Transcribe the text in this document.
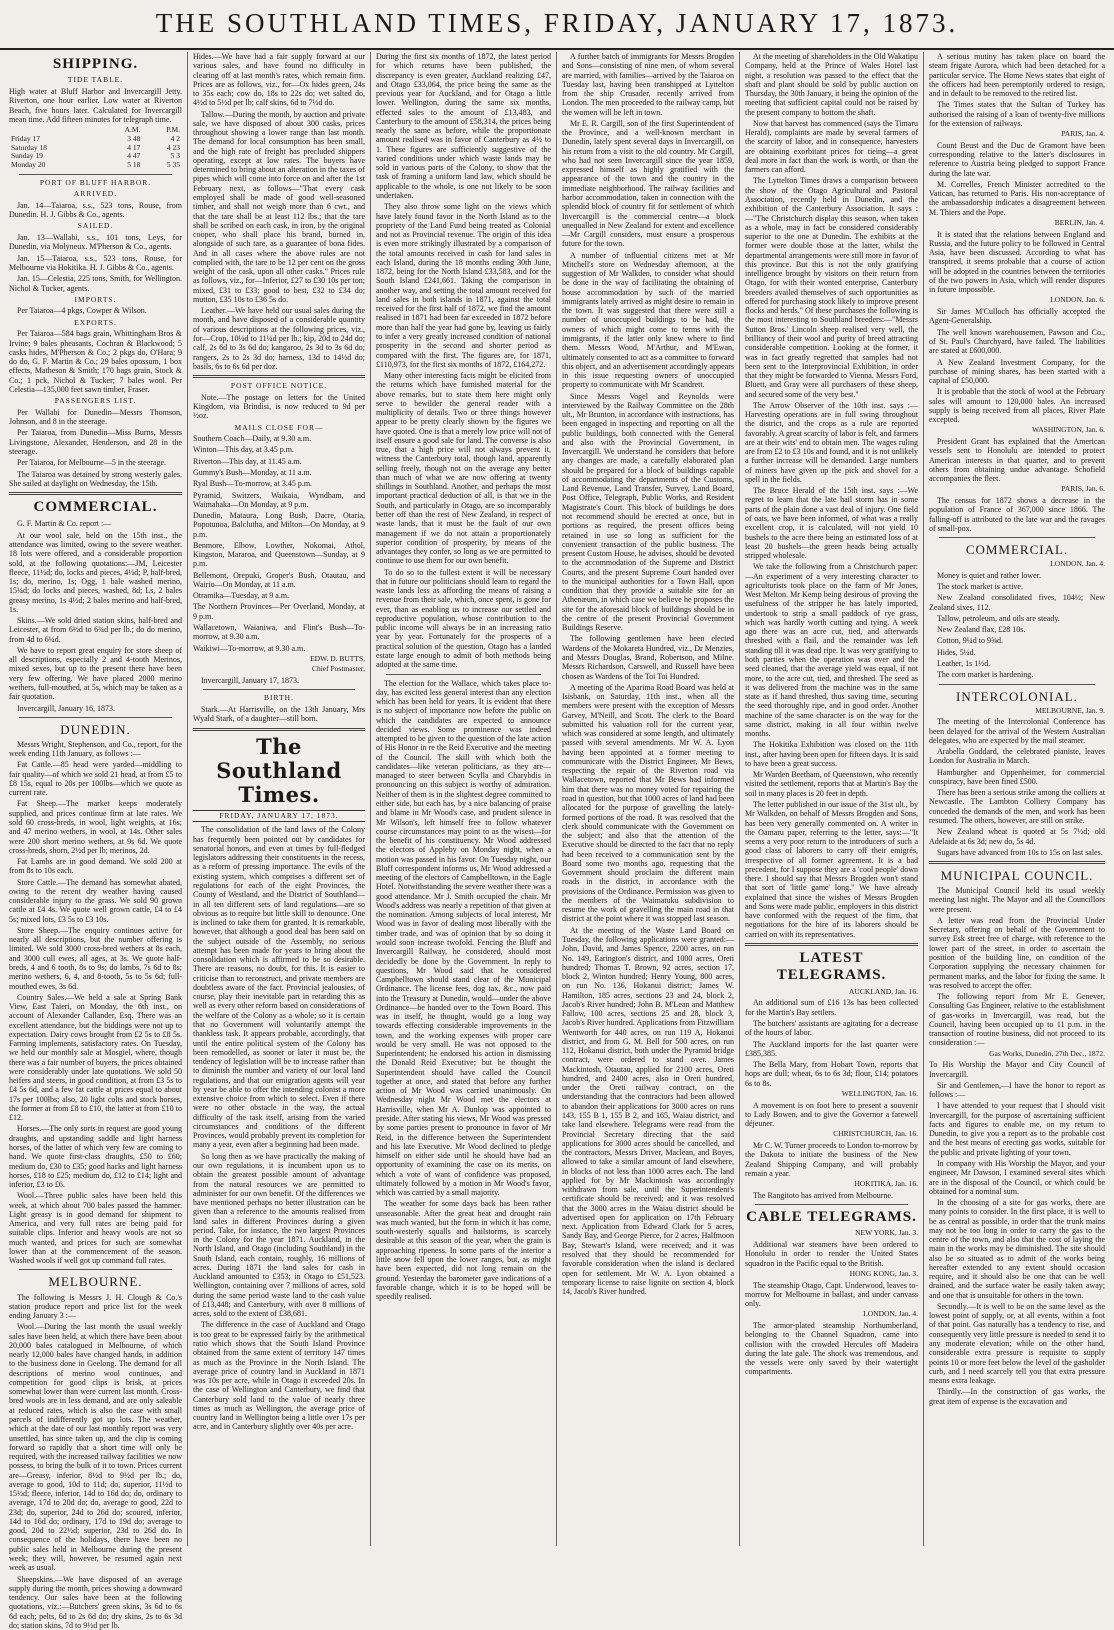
THE SOUTHLAND TIMES, FRIDAY, JANUARY 17, 1873.
SHIPPING.
TIDE TABLE.

High water at Bluff Harbor and Invercargill Jetty. Riverton, one hour earlier. Low water at Riverton Beach, five hours later. Calculated for Invercargill mean time. Add fifteen minutes for telegraph time.

	A.M.	P.M.
Friday 17	3 48	4 2
Saturday 18	4 17	4 23
Sunday 19	4 47	5 3
Monday 20	5 18	5 35
PORT OF BLUFF HARBOR.
ARRIVED.

Jan. 14—Taiaroa, s.s., 523 tons, Rouse, from Dunedin. H. J. Gibbs & Co., agents.

SAILED.

Jan. 13—Wallabi, s.s., 101 tons, Leys, for Dunedin, via Molyneux. M'Pherson & Co., agents.

Jan. 15—Taiaroa, s.s., 523 tons, Rouse, for Melbourne via Hokitika. H. J. Gibbs & Co., agents.

Jan. 15—Celestia, 225 tons, Smith, for Wellington. Nichol & Tucker, agents.

IMPORTS.

Per Taiaroa—4 pkgs, Cowper & Wilson.

EXPORTS.

Per Taiaroa—584 bags grain, Whittingham Bros & Irvine; 9 bales pheasants, Cochran & Blackwood; 5 casks hides, M'Pherson & Co.; 2 pkgs do, O'Hara; 9 do do, G. F. Martin & Co.; 29 bales opossum, 1 box effects, Matheson & Smith; 170 bags grain, Stock & Co.; 1 pck, Nichol & Tucker; 7 bales wool. Per Celestia—135,000 feet sawn timber, Fraser.

PASSENGERS LIST.

Per Wallabi for Dunedin—Messrs Thomson, Johnson, and 8 in the steerage.

Per Taiaroa, from Dunedin—Miss Burns, Messrs Livingstone, Alexander, Henderson, and 28 in the steerage.

Per Taiaroa, for Melbourne—5 in the steerage.

The Taiaroa was detained by strong westerly gales. She sailed at daylight on Wednesday, the 15th.

COMMERCIAL.

G. F. Martin & Co. report :—

At our wool sale, held on the 15th inst., the attendance was limited, owing to the severe weather. 18 lots were offered, and a considerable proportion sold, at the following quotations:—JM, Leicester fleece, 11½d; do, locks and pieces, 4½d; P, half-bred, 1s; do, merino, 1s; Ogg, 1 bale washed merino, 15¼d; do locks and pieces, washed, 8d; Ls, 2 bales greasy merino, 1s 4½d; 2 bales merino and half-bred, 1s.

Skins.—We sold dried station skins, half-bred and Leicester, at from 6½d to 6¾d per lb.; do do merino, from 4d to 6¼d.

We have to report great enquiry for store sheep of all descriptions, especially 2 and 4-tooth Merinos, mixed sexes, but up to the present there have been very few offering. We have placed 2000 merino wethers, full-mouthed, at 5s, which may be taken as a fair quotation.

Invercargill, January 16, 1873.

DUNEDIN.

Messrs Wright, Stephenson, and Co., report, for the week ending 11th January, as follows :—

Fat Cattle.—85 head were yarded—middling to fair quality—of which we sold 21 head, at from £5 to £8 15s, equal to 20s per 100lbs—which we quote as current rate.

Fat Sheep.—The market keeps moderately supplied, and prices continue firm at late rates. We sold 60 cross-breds, in wool, light weights, at 16s; and 47 merino wethers, in wool, at 14s. Other sales were 200 short merino wethers, at 9s 6d. We quote cross-breds, shorn, 2½d per lb; merinos, 2d.

Fat Lambs are in good demand. We sold 200 at from 8s to 10s each.

Store Cattle.—The demand has somewhat abated, owing to the recent dry weather having caused considerable injury to the grass. We sold 90 grown cattle at £4 4s. We quote well grown cattle, £4 to £4 5s; mixed lots, £3 5s to £3 10s.

Store Sheep.—The enquiry continues active for nearly all descriptions, but the number offering is limited. We sold 3000 cross-bred wethers at 8s each, and 3000 cull ewes, all ages, at 3s. We quote half-breds, 4 and 6 tooth, 8s to 9s; do lambs, 7s 6d to 8s; merino wethers, 6, 4, and 8-tooth, 5s to 5s 6d; full-mouthed ewes, 3s 6d.

Country Sales.—We held a sale at Spring Bank View, East Taieri, on Monday, the 6th inst., on account of Alexander Callander, Esq. There was an excellent attendance, but the biddings were not up to expectation. Dairy cows brought from £2 5s to £8 5s. Farming implements, satisfactory rates. On Tuesday, we held our monthly sale at Mosgiel, where, though there was a fair number of buyers, the prices obtained were considerably under late quotations. We sold 50 heifers and steers, in good condition, at from £3 5s to £4 5s 6d, and a few fat cattle at prices equal to about 17s per 100lbs; also, 20 light colts and stock horses, the former at from £8 to £10, the latter at from £10 to £12.

Horses.—The only sorts in request are good young draughts, and upstanding saddle and light harness horses, of the latter of which very few are coming to hand. We quote first-class draughts, £50 to £60; medium do, £30 to £35; good hacks and light harness horses, £18 to £25; medium do, £12 to £14; light and inferior, £3 to £6.

Wool.—Three public sales have been held this week, at which about 700 bales passed the hammer. Light greasy is in good demand for shipment to America, and very full rates are being paid for suitable clips. Inferior and heavy wools are not so much wanted, and prices for such are somewhat lower than at the commencement of the season. Washed wools if well got up command full rates.

MELBOURNE.

The following is Messrs J. H. Clough & Co.'s station produce report and price list for the week ending January 3 :—

Wool.—During the last month the usual weekly sales have been held, at which there have been about 20,000 bales catalogued in Melbourne, of which nearly 12,000 bales have changed hands, in addition to the business done in Geelong. The demand for all descriptions of merino wool continues, and competition for good clips is brisk, at prices somewhat lower than were current last month. Cross-bred wools are in less demand, and are only saleable at reduced rates, which is also the case with small parcels of indifferently got up lots. The weather, which at the date of our last monthly report was very unsettled, has since taken up, and the clip is coming forward so rapidly that a short time will only be required, with the increased railway facilities we now possess, to bring the bulk of it to town. Prices current are—Greasy, inferior, 8½d to 9½d per lb.; do, average to good, 10d to 11d; do, superior, 11½d to 15½d; fleece, inferior, 14d to 16d do; do, ordinary to average, 17d to 20d do; do, average to good, 22d to 23d; do, superior, 24d to 26d do; scoured, inferior, 14d to 16d do; ordinary, 17d to 19d do; average to good, 20d to 22½d; superior, 23d to 26d do. In consequence of the holidays, there have been no public sales held in Melbourne during the present week; they will, however, be resumed again next week as usual.

Sheepskins.—We have disposed of an average supply during the month, prices showing a downward tendency. Our sales have been at the following quotations, viz.:—Butchers' green skins, 3s 6d to 6s 6d each; pelts, 6d to 2s 6d do; dry skins, 2s to 6s 3d do; station skins, 7d to 9½d per lb.

Hides.—We have had a fair supply forward at our various sales, and have found no difficulty in clearing off at last month's rates, which remain firm. Prices are as follows, viz., for—Ox hides green, 24s to 35s each; cow do, 18s to 22s do; wet salted do, 4½d to 5½d per lb; calf skins, 6d to 7½d do.

Tallow.—During the month, by auction and private sale, we have disposed of about 300 casks, prices throughout showing a lower range than last month. The demand for local consumption has been small, and the high rate of freight has precluded shippers operating, except at low rates. The buyers have determined to bring about an alteration in the taxes of pipes which will come into force on and after the 1st February next, as follows—"That every cask employed shall be made of good well-seasoned timber, and shall not weigh more than 6 cwt., and that the tare shall be at least 112 lbs.; that the tare shall be scribed on each cask, in iron, by the original cooper, who shall place his brand, burned in, alongside of such tare, as a guarantee of bona fides. And in all cases where the above rules are not complied with, the tare to be 12 per cent on the gross weight of the cask, upon all other casks." Prices rule as follows, viz., for—Inferior, £27 to £30 10s per ton; mixed, £31 to £33; good to best, £32 to £34 do; mutton, £35 10s to £36 5s do.

Leather.—We have held our usual sales during the month, and have disposed of a considerable quantity of various descriptions at the following prices, viz., for—Crop, 10¼d to 11¼d per lb.; kip, 20d to 24d do; calf, 2s 6d to 3s 6d do; kangaroo, 2s 3d to 3s 6d do; rangers, 2s to 2s 3d do; harness, 13d to 14½d do; basils, 6s to 6s 6d per doz.

POST OFFICE NOTICE.

Note.—The postage on letters for the United Kingdom, via Brindisi, is now reduced to 9d per ½oz.

MAILS CLOSE FOR—

Southern Coach—Daily, at 9.30 a.m.

Winton—This day, at 3.45 p.m.

Riverton—This day, at 11.45 a.m.

Gummy's Bush—Monday, at 11 a.m.

Ryal Bush—To-morrow, at 3.45 p.m.

Pyramid, Switzers, Waikaia, Wyndham, and Waimahaka—On Monday, at 9 p.m.

Dunedin, Mataura, Long Bush, Dacre, Otaria, Popotunoa, Balclutha, and Milton—On Monday, at 9 p.m.

Benmore, Elbow, Lowther, Nokomai, Athol, Kingston, Mararoa, and Queenstown—Sunday, at 9 p.m.

Bellemont, Orepuki, Groper's Bush, Otautau, and Wairio—On Monday, at 11 a.m.

Otramika—Tuesday, at 9 a.m.

The Northern Provinces—Per Overland, Monday, at 9 p.m.

Wallacetown, Waianiwa, and Flint's Bush—To-morrow, at 9.30 a.m.

Waikiwi—To-morrow, at 9.30 a.m.

EDW. D. BUTTS,
Chief Postmaster,

Invercargill, January 17, 1873.

BIRTH.

Stark.—At Harrisville, on the 13th January, Mrs Wyald Stark, of a daughter—still born.

The Southland Times.
FRIDAY, JANUARY 17, 1873.

The consolidation of the land laws of the Colony has frequently been pointed out by candidates for senatorial honors, and even at times by full-fledged legislators addressing their constituents in the recess, as a reform of pressing importance. The evils of the existing system, which comprises a different set of regulations for each of the eight Provinces, the County of Westland, and the District of Southland—in all ten different sets of land regulations—are so obvious as to require but little skill to denounce. One is inclined to take them for granted. It is remarkable, however, that although a good deal has been said on the subject outside of the Assembly, no serious attempt has been made for years to bring about the consolidation which is affirmed to be so desirable. There are reasons, no doubt, for this. It is easier to criticise than to reconstruct, and private members are doubtless aware of the fact. Provincial jealousies, of course, play their inevitable part in retarding this as well as every other reform based on considerations of the welfare of the Colony as a whole; so it is certain that no Government will voluntarily attempt the thankless task. It appears probable, accordingly, that until the entire political system of the Colony has been remodelled, as sooner or later it must be, the tendency of legislation will be to increase rather than to diminish the number and variety of our local land regulations, and that our emigration agents will year by year be able to offer the intending colonist a more extensive choice from which to select. Even if there were no other obstacle in the way, the actual difficulty of the task itself, arising from the varied circumstances and conditions of the different Provinces, would probably prevent its completion for many a year, even after a beginning had been made.

So long then as we have practically the making of our own regulations, it is incumbent upon us to obtain the greatest possible amount of advantage from the natural resources we are permitted to administer for our own benefit. Of the differences we have mentioned perhaps no better illustration can be given than a reference to the amounts realised from land sales in different Provinces during a given period. Take, for instance, the two largest Provinces in the Colony for the year 1871. Auckland, in the North Island, and Otago (including Southland) in the South Island, each contain, roughly, 16 millions of acres. During 1871 the land sales for cash in Auckland amounted to £353; in Otago to £51,523. Wellington, containing over 7 millions of acres, sold during the same period waste land to the cash value of £13,448; and Canterbury, with over 8 millions of acres, sold to the extent of £38,681.

The difference in the case of Auckland and Otago is too great to be expressed fairly by the arithmetical ratio which shows that the South Island Province obtained from the same extent of territory 147 times as much as the Province in the North Island. The average price of country land in Auckland in 1871 was 10s per acre, while in Otago it exceeded 20s. In the case of Wellington and Canterbury, we find that Canterbury sold land to the value of nearly three times as much as Wellington, the average price of country land in Wellington being a little over 17s per acre, and in Canterbury slightly over 40s per acre.

During the first six months of 1872, the latest period for which returns have been published, the discrepancy is even greater, Auckland realizing £47, and Otago £33,064, the price being the same as the previous year for Auckland, and for Otago a little lower. Wellington, during the same six months, effected sales to the amount of £13,483, and Canterbury to the amount of £58,314, the prices being nearly the same as before, while the proportionate amount realised was in favor of Canterbury as 4½ to 1. These figures are sufficiently suggestive of the varied conditions under which waste lands may be sold in various parts of the Colony, to show that the task of framing a uniform land law, which should be applicable to the whole, is one not likely to be soon undertaken.

They also throw some light on the views which have lately found favor in the North Island as to the propriety of the Land Fund being treated as Colonial and not as Provincial revenue. The origin of this idea is even more strikingly illustrated by a comparison of the total amounts received in cash for land sales in each Island, during the 18 months ending 30th June, 1872, being for the North Island £33,583, and for the South Island £241,661. Taking the comparison in another way, and setting the total amount received for land sales in both islands in 1871, against the total received for the first half of 1872, we find the amount realised in 1871 had been far exceeded in 1872 before more than half the year had gone by, leaving us fairly to infer a very greatly increased condition of national prosperity in the second and shorter period as compared with the first. The figures are, for 1871, £110,973, for the first six months of 1872, £164,272.

Many other interesting facts might be elicited from the returns which have furnished material for the above remarks, but to state them here might only serve to bewilder the general reader with a multiplicity of details. Two or three things however appear to be pretty clearly shown by the figures we have quoted. One is that a merely low price will not of itself ensure a good sale for land. The converse is also true, that a high price will not always prevent it, witness the Canterbury total, though land, apparently selling freely, though not on the average any better than much of what we are now offering at twenty shillings in Southland. Another, and perhaps the most important practical deduction of all, is that we in the South, and particularly in Otago, are so incomparably better off than the rest of New Zealand, in respect of waste lands, that it must be the fault of our own management if we do not attain a proportionately superior condition of prosperity, by means of the advantages they confer, so long as we are permitted to continue to use them for our own benefit.

To do so to the fullest extent it will be necessary that in future our politicians should learn to regard the waste lands less as affording the means of raising a revenue from their sale, which, once spent, is gone for ever, than as enabling us to increase our settled and reproductive population, whose contribution to the public income will always be in an increasing ratio year by year. Fortunately for the prospects of a practical solution of the question, Otago has a landed estate large enough to admit of both methods being adopted at the same time.

The election for the Wallace, which takes place to-day, has excited less general interest than any election which has been held for years. It is evident that there is no subject of importance now before the public on which the candidates are expected to announce decided views. Some prominence was indeed attempted to be given to the question of the late action of His Honor in re the Reid Executive and the meeting of the Council. The skill with which both the candidates—like veteran politicians, as they are—managed to steer between Scylla and Charybdis in pronouncing on this subject is worthy of admiration. Neither of them is in the slightest degree committed to either side, but each has, by a nice balancing of praise and blame in Mr Wood's case, and prudent silence in Mr Wilson's, left himself free to follow whatever course circumstances may point to as the wisest—for the benefit of his constituency. Mr Wood addressed the electors of Appleby on Monday night, when a motion was passed in his favor. On Tuesday night, our Bluff correspondent informs us, Mr Wood addressed a meeting of the electors of Campbelltown, in the Eagle Hotel. Notwithstanding the severe weather there was a good attendance. Mr J. Smith occupied the chair. Mr Wood's address was nearly a repetition of that given at the nomination. Among subjects of local interest, Mr Wood was in favor of dealing most liberally with the timber trade, and was of opinion that by so doing it would soon increase twofold. Fencing the Bluff and Invercargill Railway, he considered, should most decidedly be done by the Government. In reply to questions, Mr Wood said that he considered Campbelltown should stand clear of the Municipal Ordinance. The license fees, dog tax, &c., now paid into the Treasury at Dunedin, would—under the above Ordinance—be handed over to the Town Board. This was in itself, he thought, would go a long way towards effecting considerable improvements in the town, and the working expenses with proper care would be very small. He was not opposed to the Superintendent; he endorsed his action in dismissing the Donald Reid Executive; but he thought the Superintendent should have called the Council together at once, and stated that before any further action of Mr Wood was carried unanimously. On Wednesday night Mr Wood met the electors at Harrisville, when Mr A. Dunlop was appointed to preside. After stating his views, Mr Wood was pressed by some parties present to pronounce in favor of Mr Reid, in the difference between the Superintendent and his late Executive. Mr Wood declined to pledge himself on either side until he should have had an opportunity of examining the case on its merits, on which a vote of want of confidence was proposed, ultimately followed by a motion in Mr Wood's favor, which was carried by a small majority.

The weather for some days back has been rather unseasonable. After the great heat and drought rain was much wanted, but the form in which it has come, south-westerly squalls and hailstorms, is scarcely desirable at this season of the year, when the grain is approaching ripeness. In some parts of the interior a little snow fell upon the lower ranges, but, as might have been expected, did not long remain on the ground. Yesterday the barometer gave indications of a favorable change, which it is to be hoped will be speedily realised.

A further batch of immigrants for Messrs Brogden and Sons—consisting of nine men, of whom several are married, with families—arrived by the Taiaroa on Tuesday last, having been transhipped at Lyttelton from the ship Crusader, recently arrived from London. The men proceeded to the railway camp, but the women will be left in town.

Mr E. R. Cargill, son of the first Superintendent of the Province, and a well-known merchant in Dunedin, lately spent several days in Invercargill, on his return from a visit to the old country. Mr Cargill, who had not seen Invercargill since the year 1859, expressed himself as highly gratified with the appearance of the town and the country in the immediate neighborhood. The railway facilities and harbor accommodation, taken in connection with the splendid block of country fit for settlement of which Invercargill is the commercial centre—a block unequalled in New Zealand for extent and excellence—Mr Cargill considers, must ensure a prosperous future for the town.

A number of influential citizens met at Mr Mitchell's store on Wednesday afternoon, at the suggestion of Mr Walkden, to consider what should be done in the way of facilitating the obtaining of house accommodation by such of the married immigrants lately arrived as might desire to remain in the town. It was suggested that there were still a number of unoccupied buildings to be had, the owners of which might come to terms with the immigrants, if the latter only knew where to find them. Messrs Wood, M'Arthur, and M'Ewan, ultimately consented to act as a committee to forward this object, and an advertisement accordingly appears in this issue requesting owners of unoccupied property to communicate with Mr Scandrett.

Since Messrs Vogel and Reynolds were interviewed by the Railway Committee on the 28th ult., Mr Brunton, in accordance with instructions, has been engaged in inspecting and reporting on all the public buildings, both connected with the General and also with the Provincial Government, in Invercargill. We understand he considers that before any changes are made, a carefully elaborated plan should be prepared for a block of buildings capable of accommodating the departments of the Customs, Land Revenue, Land Transfer, Survey, Land Board, Post Office, Telegraph, Public Works, and Resident Magistrate's Court. This block of buildings he does not recommend should be erected at once, but in portions as required, the present offices being retained in use so long as sufficient for the convenient transaction of the public business. The present Custom House, he advises, should be devoted to the accommodation of the Supreme and District Courts, and the present Supreme Court handed over to the municipal authorities for a Town Hall, upon condition that they provide a suitable site for an Athenæum, in which case we believe he proposes the site for the aforesaid block of buildings should be in the centre of the present Provincial Government Buildings Reserve.

The following gentlemen have been elected Wardens of the Mokareta Hundred, viz., Dr Menzies, and Messrs Douglas, Brand, Robertson, and Milne. Messrs Richardson, Carswell, and Russell have been chosen as Wardens of the Toi Toi Hundred.

A meeting of the Aparima Road Board was held at Isisbank, on Saturday, 11th inst., when all the members were present with the exception of Messrs Garvey, M'Neill, and Scott. The clerk to the Board submitted his valuation roll for the current year, which was considered at some length, and ultimately passed with several amendments. Mr W. A. Lyon having been appointed at a former meeting to communicate with the District Engineer, Mr Bews, respecting the repair of the Riverton road via Wallacetown, reported that Mr Bews had informed him that there was no money voted for repairing the road in question, but that 1000 acres of land had been allocated for the purpose of gravelling the lately-formed portions of the road. It was resolved that the clerk should communicate with the Government on the subject; and also that the attention of the Executive should be directed to the fact that no reply had been received to a communication sent by the Board some two months ago, requesting that the Government should proclaim the different main roads in the district, in accordance with the provisions of the Ordinance. Permission was given to the members of the Waimatuku subdivision to resume the work of gravelling the main road in that district at the point where it was stopped last season.

At the meeting of the Waste Land Board on Tuesday, the following applications were granted:—John, David, and James Spence, 2200 acres, on run No. 149, Earington's district, and 1000 acres, Oreti hundred; Thomas T. Brown, 92 acres, section 17, block 2, Winton hundred; Henry Young, 800 acres, on run No. 136, Hokanui district; James W. Hamilton, 185 acres, sections 23 and 24, block 2, Jacob's River hundred; John B. M'Lean and Matthew Fallow, 100 acres, sections 25 and 28, block 3, Jacob's River hundred. Applications from Fitzwilliam Wentworth for 440 acres, on run 119 A, Hokanui district, and from G. M. Bell for 500 acres, on run 112, Hokanui district, both under the Pyramid bridge contract, were ordered to stand over. James Mackintosh, Otautau, applied for 2100 acres, Oreti hundred, and 2400 acres, also in Oreti hundred, under the Oreti railway contract, on the understanding that the contractors had been allowed to abandon their applications for 3000 acres on runs 143, 155 B 1, 155 B 2, and 165, Waiau district, and take land elsewhere. Telegrams were read from the Provincial Secretary directing that the said applications for 3000 acres should be cancelled, and the contractors, Messrs Driver, Maclean, and Boyes, allowed to take a similar amount of land elsewhere, in blocks of not less than 1000 acres each. The land applied for by Mr Mackintosh was accordingly withdrawn from sale, until the Superintendent's certificate should be received; and it was resolved that the 3000 acres in the Waiau district should be advertised open for application on 17th February next. Application from Edward Clark for 5 acres, Sandy Bay, and George Pierce, for 2 acres, Halfmoon Bay, Stewart's Island, were received; and it was resolved that they should be recommended for favorable consideration when the island is declared open for settlement. Mr W. A. Lyon obtained a temporary license to raise lignite on section 4, block 14, Jacob's River hundred.

At the meeting of shareholders in the Old Wakatipu Company, held at the Prince of Wales Hotel last night, a resolution was passed to the effect that the shaft and plant should be sold by public auction on Thursday, the 30th January, it being the opinion of the meeting that sufficient capital could not be raised by the present company to bottom the shaft.

Now that harvest has commenced (says the Timaru Herald), complaints are made by several farmers of the scarcity of labor, and in consequence, harvesters are obtaining exorbitant prices for tieing—a great deal more in fact than the work is worth, or than the farmers can afford.

The Lyttelton Times draws a comparison between the show of the Otago Agricultural and Pastoral Association, recently held in Dunedin, and the exhibition of the Canterbury Association. It says :—"The Christchurch display this season, when taken as a whole, may in fact be considered considerably superior to the one at Dunedin. The exhibits at the former were double those at the latter, whilst the departmental arrangements were still more in favor of this province. But this is not the only gratifying intelligence brought by visitors on their return from Otago, for with their wonted enterprise, Canterbury breeders availed themselves of such opportunities as offered for purchasing stock likely to improve present flocks and herds." Of these purchases the following is the most interesting to Southland breeders:—"Messrs Sutton Bros.' Lincoln sheep realised very well, the brilliancy of their wool and purity of breed attracting considerable competition. Looking at the former, it was in fact greatly regretted that samples had not been sent to the Interprovincial Exhibition, in order that they might be forwarded to Vienna. Messrs Ford, Bluett, and Gray were all purchasers of these sheep, and secured some of the very best."

The Arrow Observer of the 10th inst. says :—Harvesting operations are in full swing throughout the district, and the crops as a rule are reported favorably. A great scarcity of labor is felt, and farmers are at their wits' end to obtain men. The wages ruling are from £2 to £3 10s and found, and it is not unlikely a further increase will be demanded. Large numbers of miners have given up the pick and shovel for a spell in the fields.

The Bruce Herald of the 15th inst. says :—We regret to learn that the late hail storm has in some parts of the plain done a vast deal of injury. One field of oats, we have been informed, of what was a really excellent crop, it is calculated, will not yield 10 bushels to the acre there being an estimated loss of at least 20 bushels—the green heads being actually stripped wholesale.

We take the following from a Christchurch paper:—An experiment of a very interesting character to agriculturists took place on the farm of Mr Jones, West Melton. Mr Kemp being desirous of proving the usefulness of the stripper he has lately imported, undertook to strip a small paddock of rye grass, which was hardly worth cutting and tying. A week ago there was an acre cut, tied, and afterwards threshed with a flail, and the remainder was left standing till it was dead ripe. It was very gratifying to both parties when the operation was over and the seed cleaned, that the average yield was equal, if not more, to the acre cut, tied, and threshed. The seed as it was delivered from the machine was in the same state as if hand threshed, thus saving time, securing the seed thoroughly ripe, and in good order. Another machine of the same character is on the way for the same district, making in all four within twelve months.

The Hokitika Exhibition was closed on the 11th inst., after having been open for fifteen days. It is said to have been a great success.

Mr Warden Beetham, of Queenstown, who recently visited the settlement, reports that at Martin's Bay the soil in many places is 20 feet in depth.

The letter published in our issue of the 31st ult., by Mr Walkden, on behalf of Messrs Brogden and Sons, has been very generally commented on. A writer in the Oamaru paper, referring to the letter, says:—"It seems a very poor return to the introducers of such a good class of laborers to carry off their emigrés, irrespective of all former agreement. It is a bad precedent, for I suppose they are a 'cool people' down there. I should say that Messrs Brogden won't stand that sort of 'little game' long." We have already explained that since the wishes of Messrs Brogden and Sons were made public, employers in this district have conformed with the request of the firm, that negotiations for the hire of its laborers should be carried on with its representatives.

LATEST TELEGRAMS.
AUCKLAND, Jan. 16.

An additional sum of £16 13s has been collected for the Martin's Bay settlers.

The butchers' assistants are agitating for a decrease of the hours of labor.

The Auckland imports for the last quarter were £385,385.

The Bella Mary, from Hobart Town, reports that hops are dull; wheat, 6s to 6s 3d; flour, £14; potatoes 6s to 8s.

WELLINGTON, Jan. 16.

A movement is on foot here to present a souvenir to Lady Bowen, and to give the Governor a farewell déjeuner.

CHRISTCHURCH, Jan. 16.

Mr C. W. Turner proceeds to London to-morrow by the Dakota to initiate the business of the New Zealand Shipping Company, and will probably remain a year.

HOKITIKA, Jan. 16.

The Rangitoto has arrived from Melbourne.

CABLE TELEGRAMS.
NEW YORK, Jan. 3.

Additional war steamers have been ordered to Honolulu in order to render the United States squadron in the Pacific equal to the British.

HONG KONG, Jan. 3.

The steamship Otago, Capt. Underwood, leaves to-morrow for Melbourne in ballast, and under canvass only.

LONDON, Jan. 4.

The armor-plated steamship Northumberland, belonging to the Channel Squadron, came into collision with the crowded Hercules off Madeira during the late gale. The shock was tremendous, and the vessels were only saved by their watertight compartments.

A serious mutiny has taken place on board the steam frigate Aurora, which had been detached for a particular service. The Home News states that eight of the officers had been peremptorily ordered to resign, and in default to be removed to the retired list.

The Times states that the Sultan of Turkey has authorised the raising of a loan of twenty-five millions for the extension of railways.

PARIS, Jan. 4.

Count Beust and the Duc de Gramont have been corresponding relative to the latter's disclosures in reference to Austria being pledged to support France during the late war.

M. Correlles, French Minister accredited to the Vatican, has returned to Paris. His non-acceptance of the ambassadorship indicates a disagreement between M. Thiers and the Pope.

BERLIN, Jan. 4.

It is stated that the relations between England and Russia, and the future policy to be followed in Central Asia, have been discussed. According to what has transpired, it seems probable that a course of action will be adopted in the countries between the territories of the two powers in Asia, which will render disputes in future impossible.

LONDON, Jan. 6.

Sir James M'Culloch has officially accepted the Agent-Generalship.

The well known warehousemen, Pawson and Co., of St. Paul's Churchyard, have failed. The liabilities are stated at £600,000.

A New Zealand Investment Company, for the purchase of mining shares, has been started with a capital of £50,000.

It is probable that the stock of wool at the February sales will amount to 120,000 bales. An increased supply is being received from all places, River Plate excepted.

WASHINGTON, Jan. 6.

President Grant has explained that the American vessels sent to Honolulu are intended to protect American interests in that quarter, and to prevent others from obtaining undue advantage. Schofield accompanies the fleet.

PARIS, Jan. 6.

The census for 1872 shows a decrease in the population of France of 367,000 since 1866. The falling-off is attributed to the late war and the ravages of small-pox.

COMMERCIAL.
LONDON, Jan. 4.

Money is quiet and rather lower.

The stock market is active.

New Zealand consolidated fives, 104½; New Zealand sixes, 112.

Tallow, petroleum, and oils are steady.

New Zealand flax, £28 10s.

Cotton, 9¼d to 9⅝d.

Hides, 5¼d.

Leather, 1s 1½d.

The corn market is hardening.

INTERCOLONIAL.
MELBOURNE, Jan. 9.

The meeting of the Intercolonial Conference has been delayed for the arrival of the Western Australian delegates, who are expected by the mail steamer.

Arabella Goddard, the celebrated pianiste, leaves London for Australia in March.

Hamburgher and Oppenheimer, for commercial conspiracy, have been fined £500.

There has been a serious strike among the colliers at Newcastle. The Lambton Colliery Company has conceded the demands of the men, and work has been resumed. The others, however, are still on strike.

New Zealand wheat is quoted at 5s 7½d; old Adelaide at 6s 3d; new do, 5s 4d.

Sugars have advanced from 10s to 15s on last sales.

MUNICIPAL COUNCIL.

The Municipal Council held its usual weekly meeting last night. The Mayor and all the Councillors were present.

A letter was read from the Provincial Under Secretary, offering on behalf of the Government to survey Esk street free of charge, with reference to the lower part of the street, in order to ascertain the position of the building line, on condition of the Corporation supplying the necessary chainmen for permanent marks, and the labor for fixing the same. It was resolved to accept the offer.

The following report from Mr E. Genever, Consulting Gas Engineer, relative to the establishment of gas-works in Invercargill, was read, but the Council, having been occupied up to 11 p.m. in the transaction of routine business, did not proceed to its consideration :—

Gas Works, Dunedin, 27th Dec., 1872.

To His Worship the Mayor and City Council of Invercargill.

Sir and Gentlemen,—I have the honor to report as follows :—

I have attended to your request that I should visit Invercargill, for the purpose of ascertaining sufficient facts and figures to enable me, on my return to Dunedin, to give you a report as to the probable cost and the best means of erecting gas works, suitable for the public and private lighting of your town.

In company with His Worship the Mayor, and your engineer, Mr Dawson, I examined several sites which are in the disposal of the Council, or which could be obtained for a nominal sum.

In the choosing of a site for gas works, there are many points to consider. In the first place, it is well to be as central as possible, in order that the trunk mains may not be too long in order to carry the gas to the centre of the town, and also that the cost of laying the main in the works may be diminished. The site should also be so situated as to admit of the works being hereafter extended to any extent should occasion require, and it should also be one that can be well drained, and the surface water be easily taken away; and one that is unsuitable for others in the town.

Secondly.—It is well to be on the same level as the lowest point of supply, or, at all events, within a foot of that point. Gas naturally has a tendency to rise, and consequently very little pressure is needed to send it to any moderate elevation; while on the other hand, considerable extra pressure is requisite to supply points 10 or more feet below the level of the gasholder curb, and I need scarcely tell you that extra pressure means extra leakage.

Thirdly.—In the construction of gas works, the great item of expense is the excavation and
